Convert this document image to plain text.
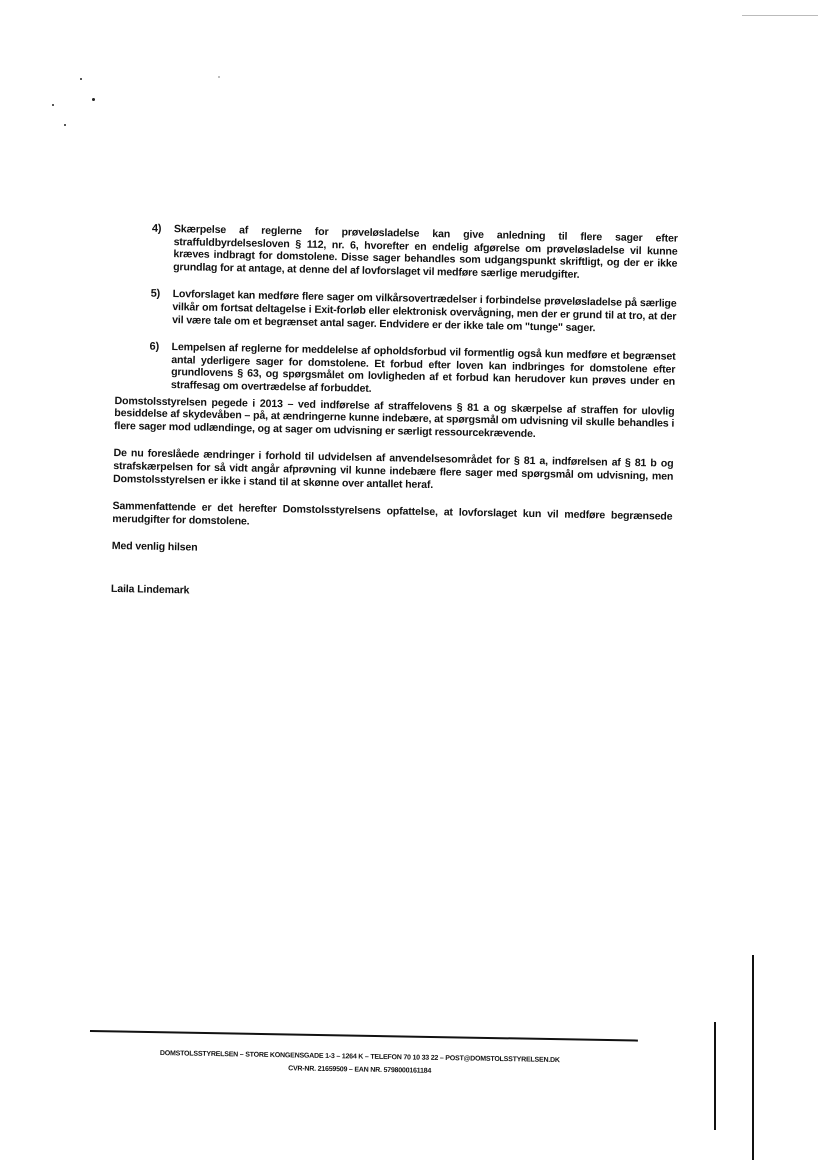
4)	Skærpelse af reglerne for prøveløsladelse kan give anledning til flere sager efter straffuldbyrdelsesloven § 112, nr. 6, hvorefter en endelig afgørelse om prøveløsladelse vil kunne kræves indbragt for domstolene. Disse sager behandles som udgangspunkt skriftligt, og der er ikke grundlag for at antage, at denne del af lovforslaget vil medføre særlige merudgifter.
5)	Lovforslaget kan medføre flere sager om vilkårsovertrædelser i forbindelse prøveløsladelse på særlige vilkår om fortsat deltagelse i Exit-forløb eller elektronisk overvågning, men der er grund til at tro, at der vil være tale om et begrænset antal sager. Endvidere er der ikke tale om "tunge" sager.
6)	Lempelsen af reglerne for meddelelse af opholdsforbud vil formentlig også kun medføre et begrænset antal yderligere sager for domstolene. Et forbud efter loven kan indbringes for domstolene efter grundlovens § 63, og spørgsmålet om lovligheden af et forbud kan herudover kun prøves under en straffesag om overtrædelse af forbuddet.
Domstolsstyrelsen pegede i 2013 – ved indførelse af straffelovens § 81 a og skærpelse af straffen for ulovlig besiddelse af skydevåben – på, at ændringerne kunne indebære, at spørgsmål om udvisning vil skulle behandles i flere sager mod udlændinge, og at sager om udvisning er særligt ressourcekrævende.
De nu foreslåede ændringer i forhold til udvidelsen af anvendelsesområdet for § 81 a, indførelsen af § 81 b og strafskærpelsen for så vidt angår afprøvning vil kunne indebære flere sager med spørgsmål om udvisning, men Domstolsstyrelsen er ikke i stand til at skønne over antallet heraf.
Sammenfattende er det herefter Domstolsstyrelsens opfattelse, at lovforslaget kun vil medføre begrænsede merudgifter for domstolene.
Med venlig hilsen
Laila Lindemark
DOMSTOLSSTYRELSEN – STORE KONGENSGADE 1-3 – 1264 K – TELEFON 70 10 33 22 – POST@DOMSTOLSSTYRELSEN.DK
CVR-NR. 21659509 – EAN NR. 5798000161184
